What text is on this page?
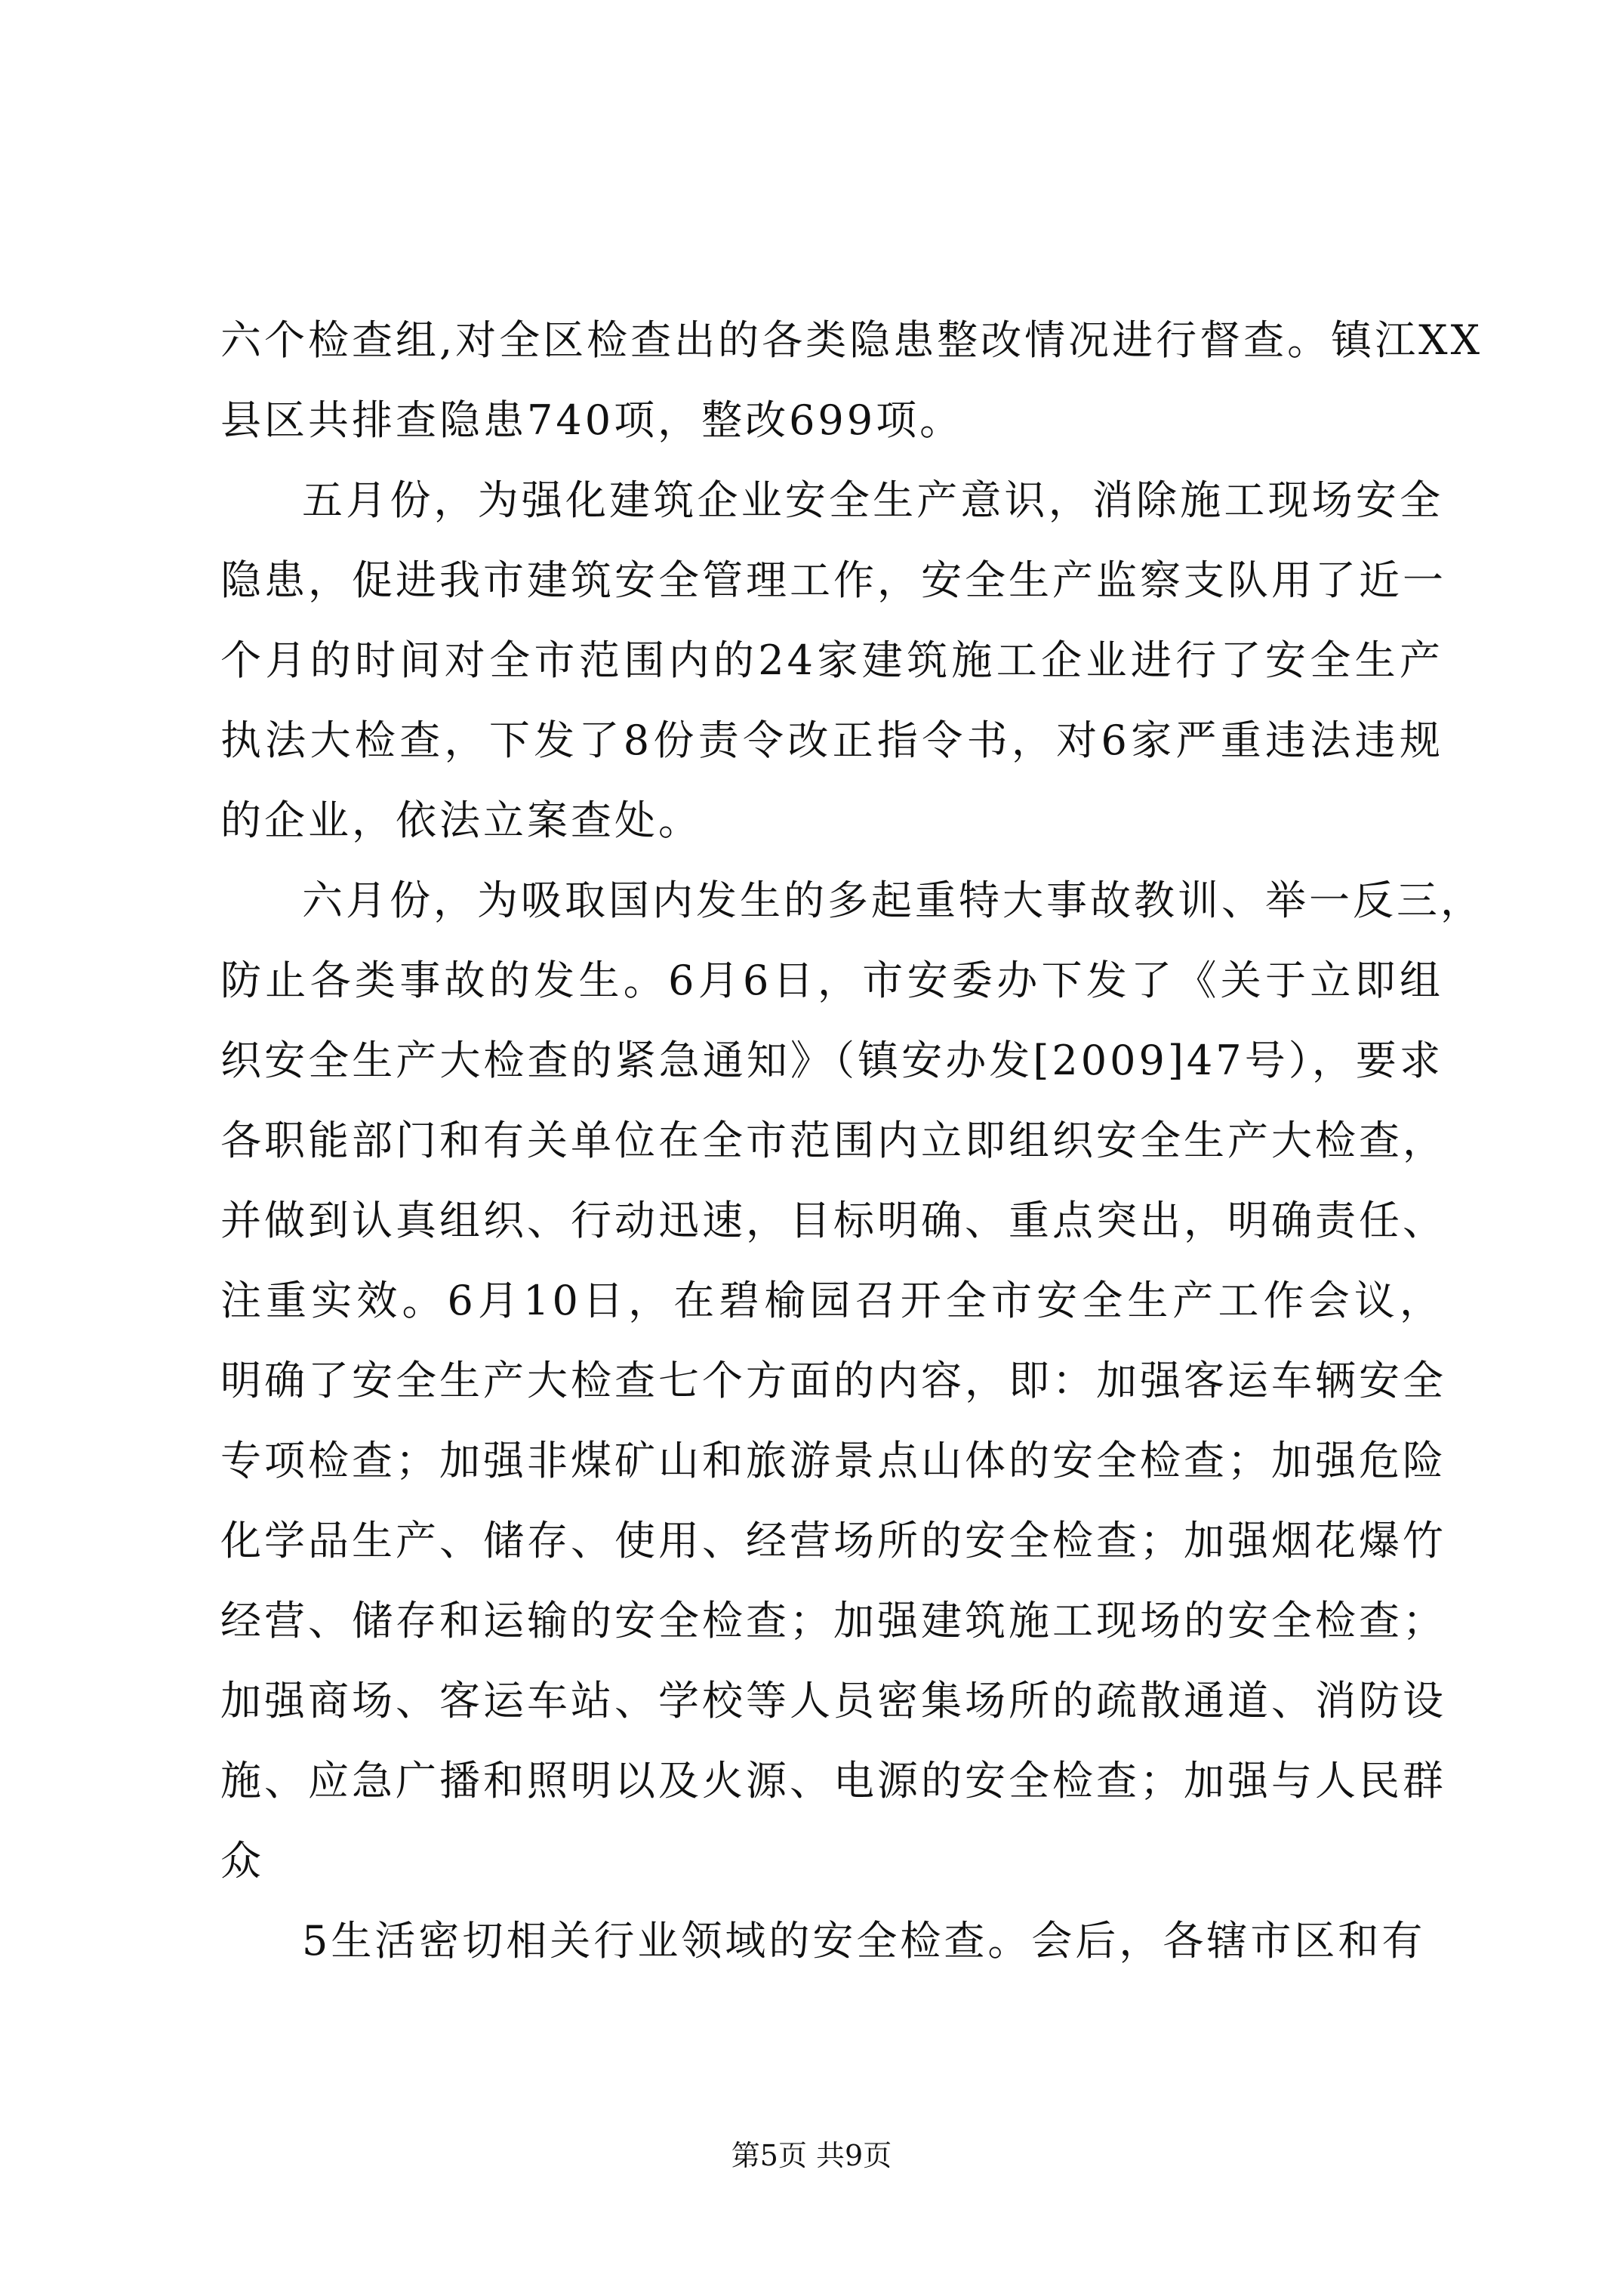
六个检查组,对全区检查出的各类隐患整改情况进行督查。镇江XX
县区共排查隐患740项，整改699项。
五月份，为强化建筑企业安全生产意识，消除施工现场安全
隐患，促进我市建筑安全管理工作，安全生产监察支队用了近一
个月的时间对全市范围内的24家建筑施工企业进行了安全生产
执法大检查，下发了8份责令改正指令书，对6家严重违法违规
的企业，依法立案查处。
六月份，为吸取国内发生的多起重特大事故教训、举一反三，
防止各类事故的发生。6月6日，市安委办下发了《关于立即组
织安全生产大检查的紧急通知》（镇安办发[2009]47号），要求
各职能部门和有关单位在全市范围内立即组织安全生产大检查，
并做到认真组织、行动迅速，目标明确、重点突出，明确责任、
注重实效。6月10日，在碧榆园召开全市安全生产工作会议，
明确了安全生产大检查七个方面的内容，即：加强客运车辆安全
专项检查；加强非煤矿山和旅游景点山体的安全检查；加强危险
化学品生产、储存、使用、经营场所的安全检查；加强烟花爆竹
经营、储存和运输的安全检查；加强建筑施工现场的安全检查；
加强商场、客运车站、学校等人员密集场所的疏散通道、消防设
施、应急广播和照明以及火源、电源的安全检查；加强与人民群
众
5生活密切相关行业领域的安全检查。会后，各辖市区和有
第5页 共9页
